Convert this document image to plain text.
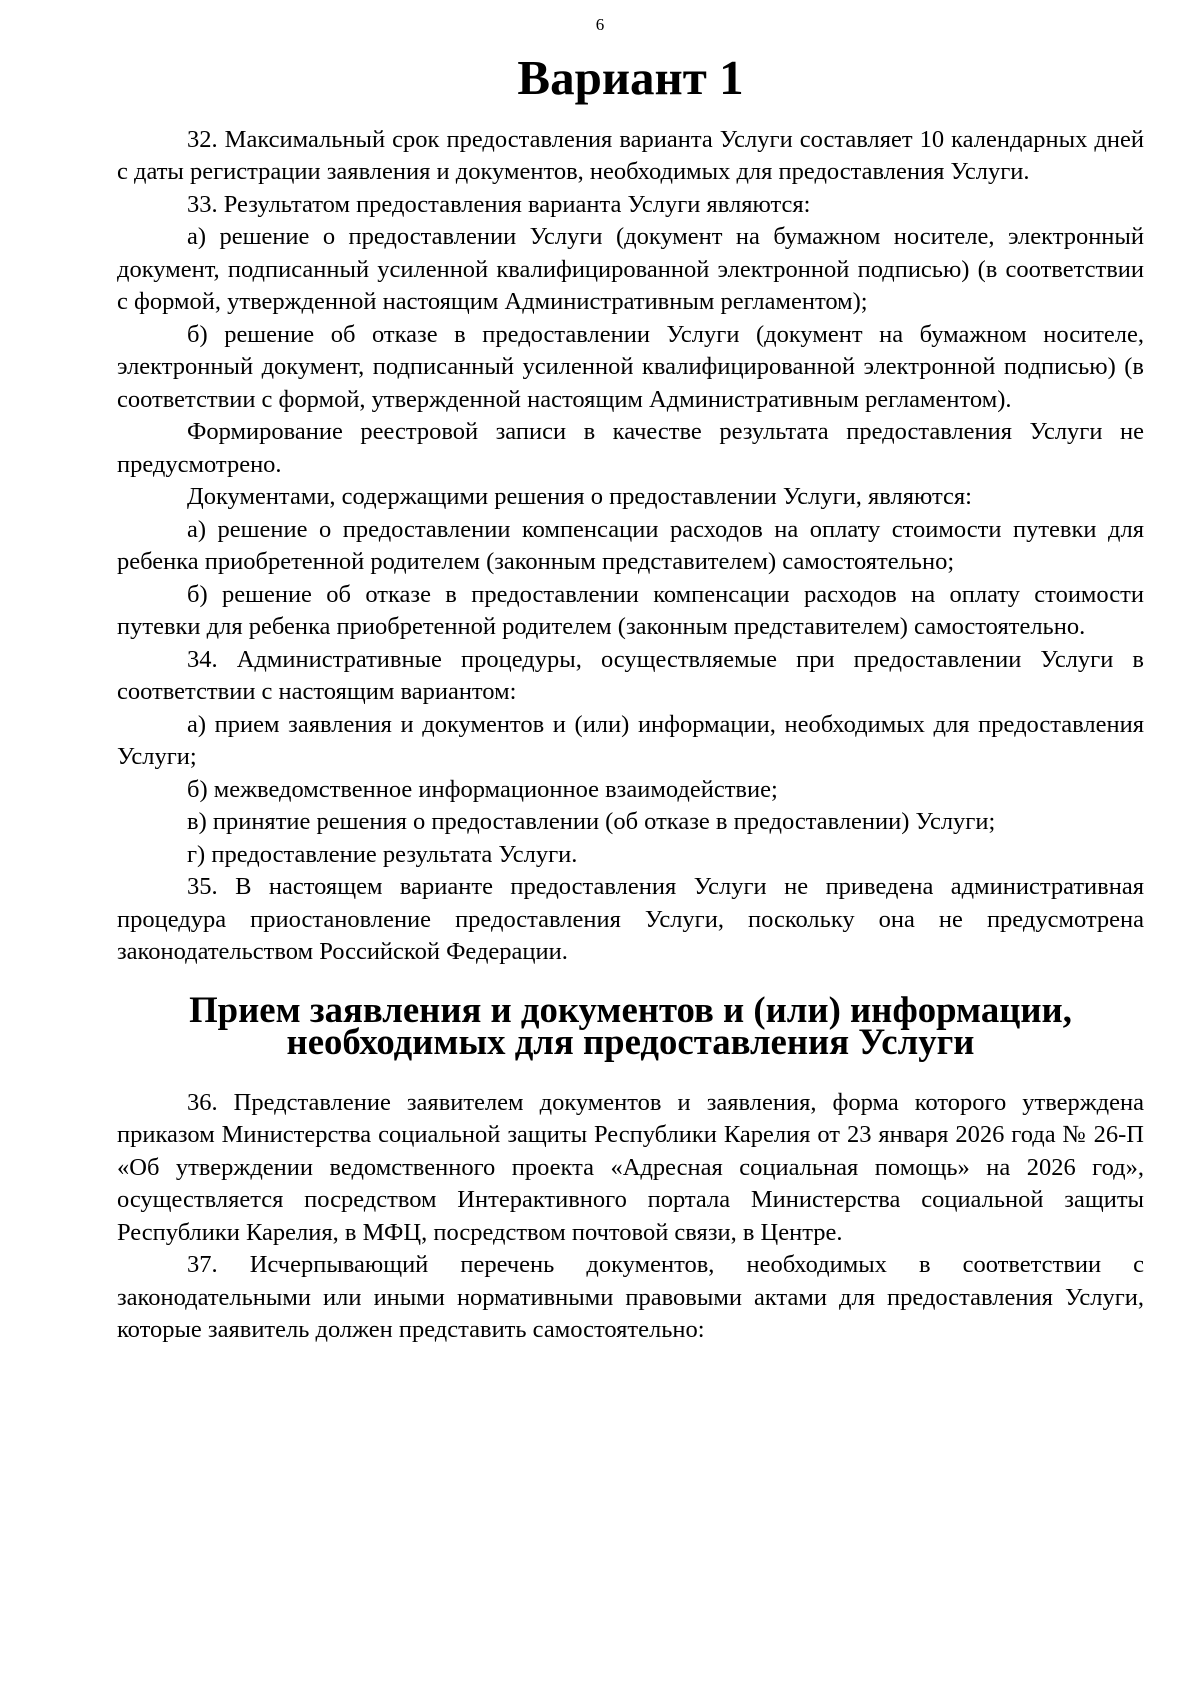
6
Вариант 1

32. Максимальный срок предоставления варианта Услуги составляет 10 календарных дней с даты регистрации заявления и документов, необходимых для предоставления Услуги.

33. Результатом предоставления варианта Услуги являются:

а) решение о предоставлении Услуги (документ на бумажном носителе, электронный документ, подписанный усиленной квалифицированной электронной подписью) (в соответствии с формой, утвержденной настоящим Административным регламентом);

б) решение об отказе в предоставлении Услуги (документ на бумажном носителе, электронный документ, подписанный усиленной квалифицированной электронной подписью) (в соответствии с формой, утвержденной настоящим Административным регламентом).

Формирование реестровой записи в качестве результата предоставления Услуги не предусмотрено.

Документами, содержащими решения о предоставлении Услуги, являются:

а) решение о предоставлении компенсации расходов на оплату стоимости путевки для ребенка приобретенной родителем (законным представителем) самостоятельно;

б) решение об отказе в предоставлении компенсации расходов на оплату стоимости путевки для ребенка приобретенной родителем (законным представителем) самостоятельно.

34. Административные процедуры, осуществляемые при предоставлении Услуги в соответствии с настоящим вариантом:

а) прием заявления и документов и (или) информации, необходимых для предоставления Услуги;

б) межведомственное информационное взаимодействие;

в) принятие решения о предоставлении (об отказе в предоставлении) Услуги;

г) предоставление результата Услуги.

35. В настоящем варианте предоставления Услуги не приведена административная процедура приостановление предоставления Услуги, поскольку она не предусмотрена законодательством Российской Федерации.

Прием заявления и документов и (или) информации, необходимых для предоставления Услуги

36. Представление заявителем документов и заявления, форма которого утверждена приказом Министерства социальной защиты Республики Карелия от 23 января 2026 года № 26-П «Об утверждении ведомственного проекта «Адресная социальная помощь» на 2026 год», осуществляется посредством Интерактивного портала Министерства социальной защиты Республики Карелия, в МФЦ, посредством почтовой связи, в Центре.

37. Исчерпывающий перечень документов, необходимых в соответствии с законодательными или иными нормативными правовыми актами для предоставления Услуги, которые заявитель должен представить самостоятельно:
